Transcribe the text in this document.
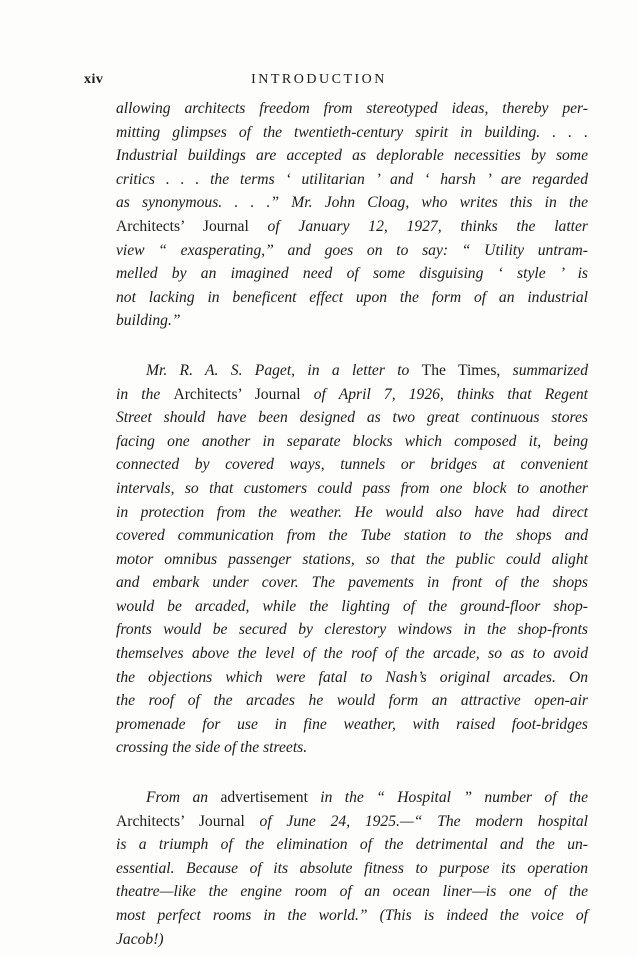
xiv	INTRODUCTION
allowing architects freedom from stereotyped ideas, thereby per-
mitting glimpses of the twentieth-century spirit in building. . . .
Industrial buildings are accepted as deplorable necessities by some
critics . . . the terms ‘ utilitarian ’ and ‘ harsh ’ are regarded
as synonymous. . . .” Mr. John Cloag, who writes this in the
Architects’ Journal of January 12, 1927, thinks the latter
view “ exasperating,” and goes on to say: “ Utility untram-
melled by an imagined need of some disguising ‘ style ’ is
not lacking in beneficent effect upon the form of an industrial
building.”
Mr. R. A. S. Paget, in a letter to The Times, summarized
in the Architects’ Journal of April 7, 1926, thinks that Regent
Street should have been designed as two great continuous stores
facing one another in separate blocks which composed it, being
connected by covered ways, tunnels or bridges at convenient
intervals, so that customers could pass from one block to another
in protection from the weather. He would also have had direct
covered communication from the Tube station to the shops and
motor omnibus passenger stations, so that the public could alight
and embark under cover. The pavements in front of the shops
would be arcaded, while the lighting of the ground-floor shop-
fronts would be secured by clerestory windows in the shop-fronts
themselves above the level of the roof of the arcade, so as to avoid
the objections which were fatal to Nash’s original arcades. On
the roof of the arcades he would form an attractive open-air
promenade for use in fine weather, with raised foot-bridges
crossing the side of the streets.
From an advertisement in the “ Hospital ” number of the
Architects’ Journal of June 24, 1925.—“ The modern hospital
is a triumph of the elimination of the detrimental and the un-
essential. Because of its absolute fitness to purpose its operation
theatre—like the engine room of an ocean liner—is one of the
most perfect rooms in the world.” (This is indeed the voice of
Jacob!)
